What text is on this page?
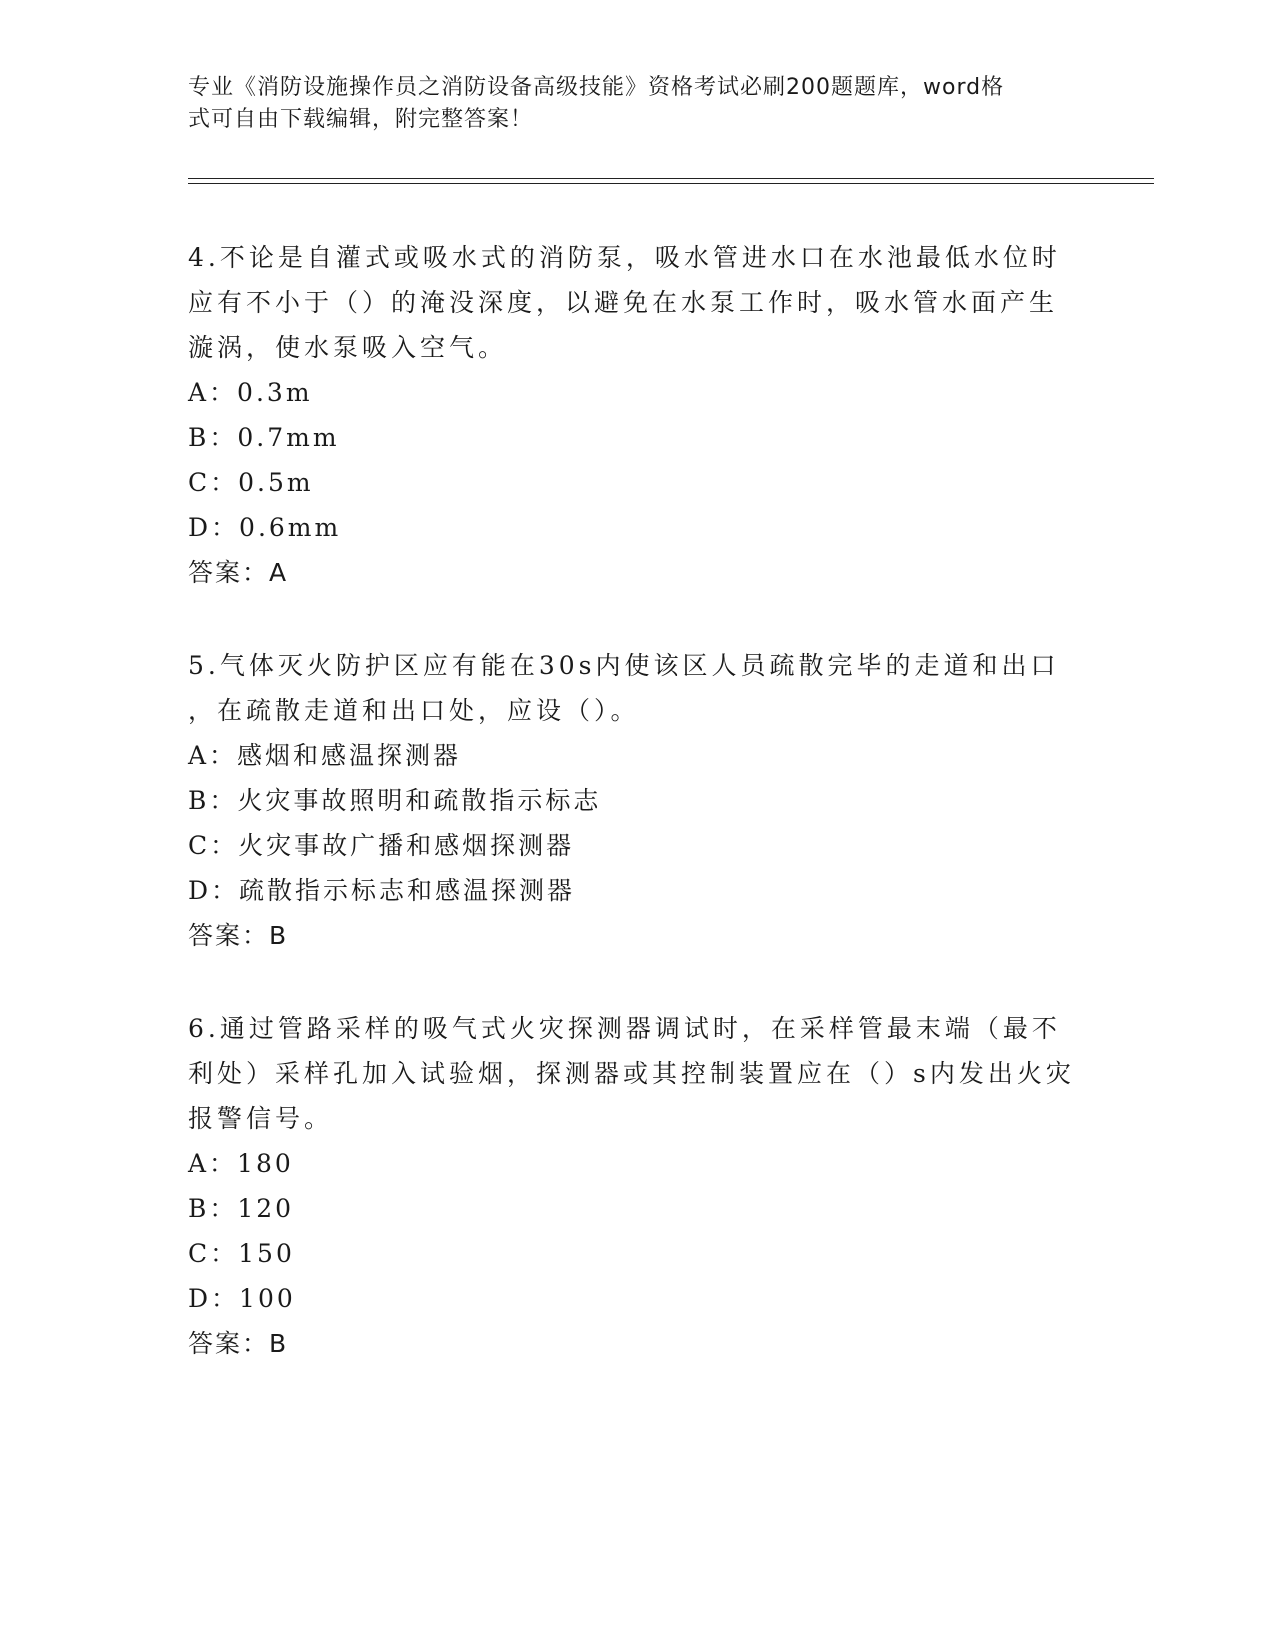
专业《消防设施操作员之消防设备高级技能》资格考试必刷200题题库，word格
式可自由下载编辑，附完整答案！

4.不论是自灌式或吸水式的消防泵，吸水管进水口在水池最低水位时

应有不小于（）的淹没深度，以避免在水泵工作时，吸水管水面产生

漩涡，使水泵吸入空气。

A：0.3m

B：0.7mm

C：0.5m

D：0.6mm

答案：A

5.气体灭火防护区应有能在30s内使该区人员疏散完毕的走道和出口

，在疏散走道和出口处，应设（）。

A：感烟和感温探测器

B：火灾事故照明和疏散指示标志

C：火灾事故广播和感烟探测器

D：疏散指示标志和感温探测器

答案：B

6.通过管路采样的吸气式火灾探测器调试时，在采样管最末端（最不

利处）采样孔加入试验烟，探测器或其控制装置应在（）s内发出火灾

报警信号。

A：180

B：120

C：150

D：100

答案：B
